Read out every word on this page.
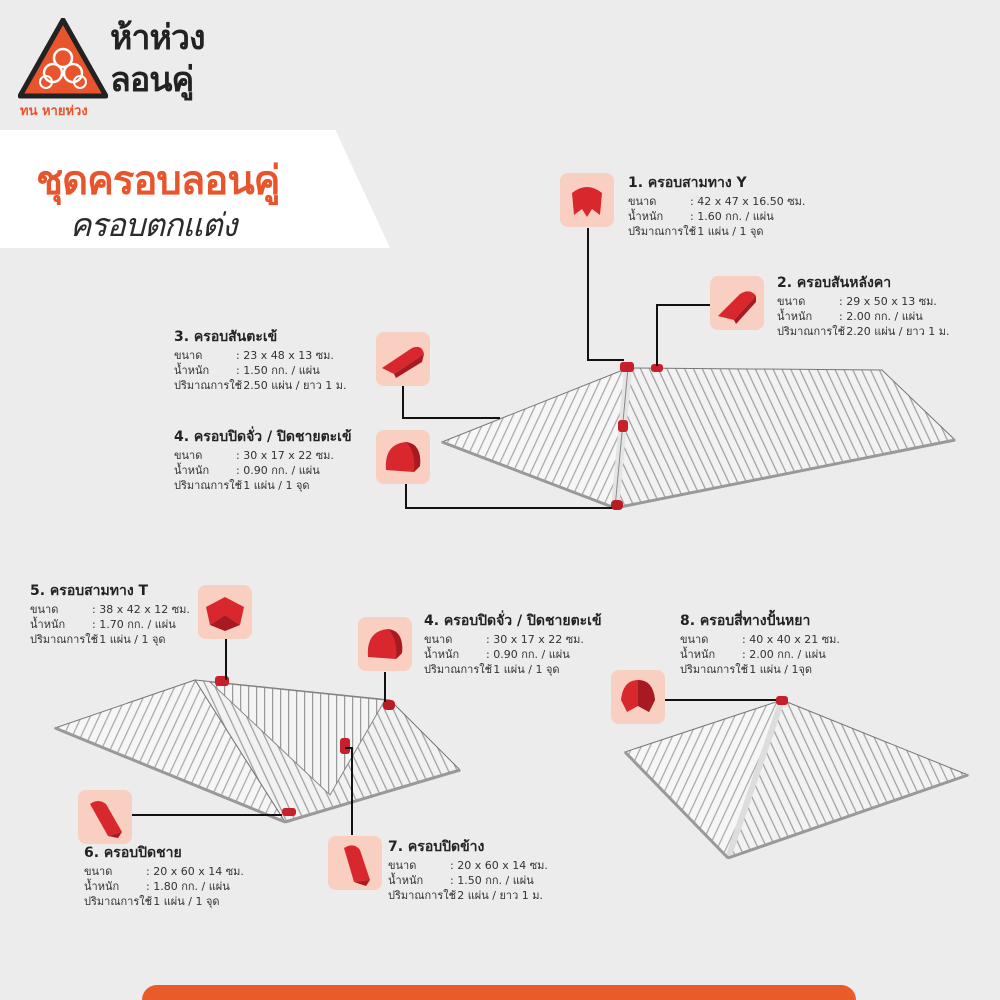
ห้าห่วง
ลอนคู่
ทน หายห่วง
ชุดครอบลอนคู่
ครอบตกแต่ง
1. ครอบสามทาง Y
ขนาด	: 42 x 47 x 16.50 ซม.
น้ำหนัก	: 1.60 กก. / แผ่น
ปริมาณการใช้
: 1 แผ่น / 1 จุด
2. ครอบสันหลังคา
ขนาด	: 29 x 50 x 13 ซม.
น้ำหนัก	: 2.00 กก. / แผ่น
ปริมาณการใช้
: 2.20 แผ่น / ยาว 1 ม.
3. ครอบสันตะเข้
ขนาด	: 23 x 48 x 13 ซม.
น้ำหนัก	: 1.50 กก. / แผ่น
ปริมาณการใช้
: 2.50 แผ่น / ยาว 1 ม.
4. ครอบปิดจั่ว / ปิดชายตะเข้
ขนาด	: 30 x 17 x 22 ซม.
น้ำหนัก	: 0.90 กก. / แผ่น
ปริมาณการใช้
: 1 แผ่น / 1 จุด
5. ครอบสามทาง T
ขนาด	: 38 x 42 x 12 ซม.
น้ำหนัก	: 1.70 กก. / แผ่น
ปริมาณการใช้
: 1 แผ่น / 1 จุด
4. ครอบปิดจั่ว / ปิดชายตะเข้
ขนาด	: 30 x 17 x 22 ซม.
น้ำหนัก	: 0.90 กก. / แผ่น
ปริมาณการใช้
: 1 แผ่น / 1 จุด
6. ครอบปิดชาย
ขนาด	: 20 x 60 x 14 ซม.
น้ำหนัก	: 1.80 กก. / แผ่น
ปริมาณการใช้
: 1 แผ่น / 1 จุด
7. ครอบปิดข้าง
ขนาด	: 20 x 60 x 14 ซม.
น้ำหนัก	: 1.50 กก. / แผ่น
ปริมาณการใช้
: 2 แผ่น / ยาว 1 ม.
8. ครอบสี่ทางปั้นหยา
ขนาด	: 40 x 40 x 21 ซม.
น้ำหนัก	: 2.00 กก. / แผ่น
ปริมาณการใช้
: 1 แผ่น / 1จุด
